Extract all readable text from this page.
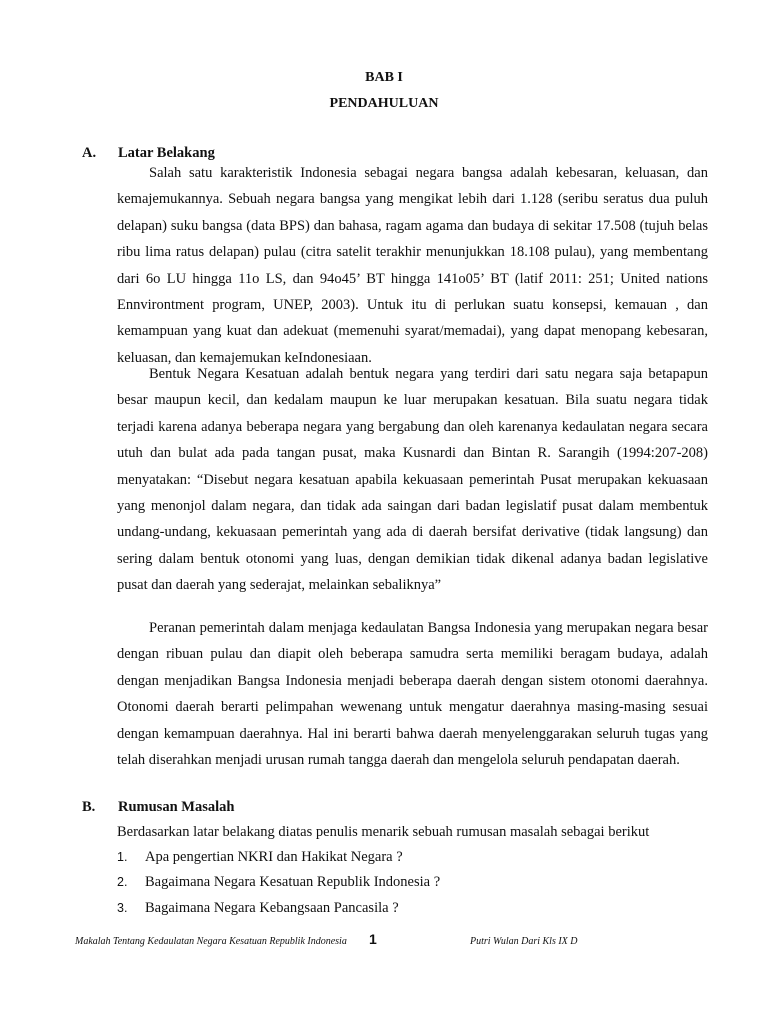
BAB I
PENDAHULUAN
A. Latar Belakang

Salah satu karakteristik Indonesia sebagai negara bangsa adalah kebesaran, keluasan, dan kemajemukannya. Sebuah negara bangsa yang mengikat lebih dari 1.128 (seribu seratus dua puluh delapan) suku bangsa (data BPS) dan bahasa, ragam agama dan budaya di sekitar 17.508 (tujuh belas ribu lima ratus delapan) pulau (citra satelit terakhir menunjukkan 18.108 pulau), yang membentang dari 6o LU hingga 11o LS, dan 94o45’ BT hingga 141o05’ BT (latif 2011: 251; United nations Ennvirontment program, UNEP, 2003). Untuk itu di perlukan suatu konsepsi, kemauan , dan kemampuan yang kuat dan adekuat (memenuhi syarat/memadai), yang dapat menopang kebesaran, keluasan, dan kemajemukan keIndonesiaan.

Bentuk Negara Kesatuan adalah bentuk negara yang terdiri dari satu negara saja betapapun besar maupun kecil, dan kedalam maupun ke luar merupakan kesatuan. Bila suatu negara tidak terjadi karena adanya beberapa negara yang bergabung dan oleh karenanya kedaulatan negara secara utuh dan bulat ada pada tangan pusat, maka Kusnardi dan Bintan R. Sarangih (1994:207-208) menyatakan: “Disebut negara kesatuan apabila kekuasaan pemerintah Pusat merupakan kekuasaan yang menonjol dalam negara, dan tidak ada saingan dari badan legislatif pusat dalam membentuk undang-undang, kekuasaan pemerintah yang ada di daerah bersifat derivative (tidak langsung) dan sering dalam bentuk otonomi yang luas, dengan demikian tidak dikenal adanya badan legislative pusat dan daerah yang sederajat, melainkan sebaliknya”

Peranan pemerintah dalam menjaga kedaulatan Bangsa Indonesia yang merupakan negara besar dengan ribuan pulau dan diapit oleh beberapa samudra serta memiliki beragam budaya, adalah dengan menjadikan Bangsa Indonesia menjadi beberapa daerah dengan sistem otonomi daerahnya. Otonomi daerah berarti pelimpahan wewenang untuk mengatur daerahnya masing-masing sesuai dengan kemampuan daerahnya. Hal ini berarti bahwa daerah menyelenggarakan seluruh tugas yang telah diserahkan menjadi urusan rumah tangga daerah dan mengelola seluruh pendapatan daerah.

B. Rumusan Masalah
Berdasarkan latar belakang diatas penulis menarik sebuah rumusan masalah sebagai berikut
1. Apa pengertian NKRI dan Hakikat Negara ?
2. Bagaimana Negara Kesatuan Republik Indonesia ?
3. Bagaimana Negara Kebangsaan Pancasila ?
Makalah Tentang Kedaulatan Negara Kesatuan Republik Indonesia 1	Putri Wulan Dari Kls IX D
